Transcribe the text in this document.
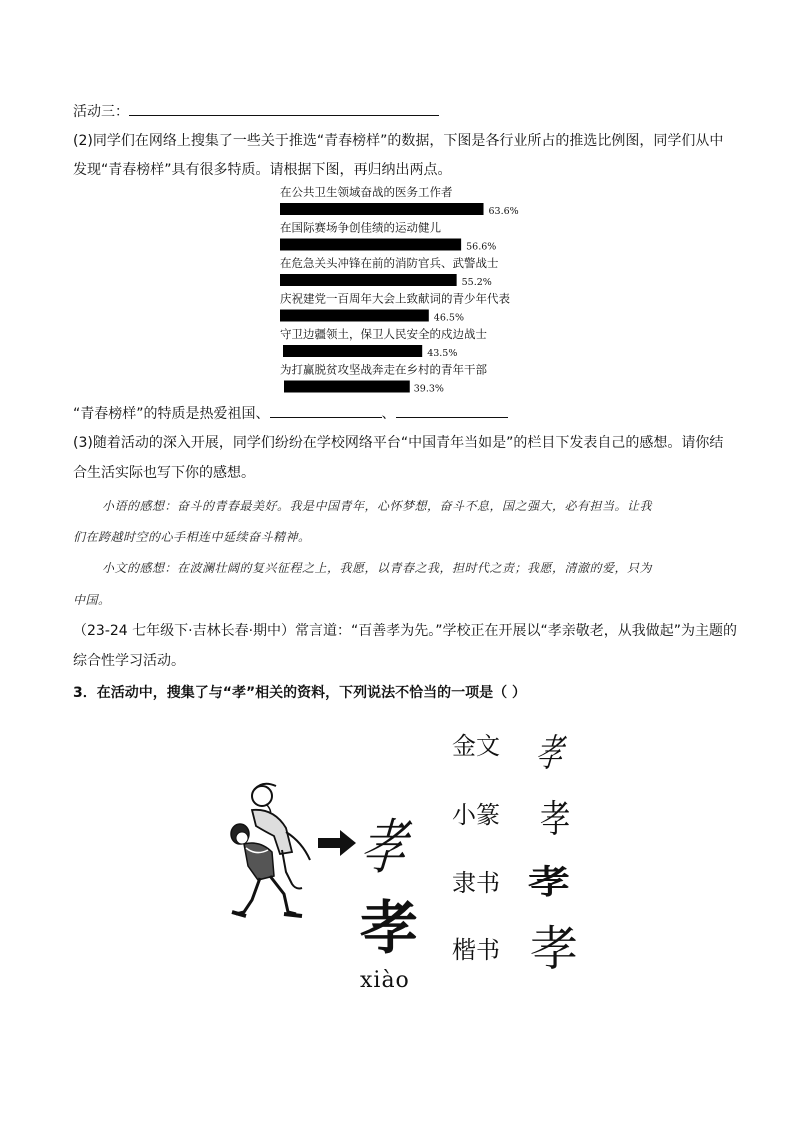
活动三：
(2)同学们在网络上搜集了一些关于推选“青春榜样”的数据，下图是各行业所占的推选比例图，同学们从中
发现“青春榜样”具有很多特质。请根据下图，再归纳出两点。
在公共卫生领域奋战的医务工作者
63.6%
在国际赛场争创佳绩的运动健儿
56.6%
在危急关头冲锋在前的消防官兵、武警战士
55.2%
庆祝建党一百周年大会上致献词的青少年代表
46.5%
守卫边疆领土，保卫人民安全的戍边战士
43.5%
为打赢脱贫攻坚战奔走在乡村的青年干部
39.3%
“青春榜样”的特质是热爱祖国、	、
(3)随着活动的深入开展，同学们纷纷在学校网络平台“中国青年当如是”的栏目下发表自己的感想。请你结
合生活实际也写下你的感想。
小语的感想：奋斗的青春最美好。我是中国青年，心怀梦想，奋斗不息，国之强大，必有担当。让我
们在跨越时空的心手相连中延续奋斗精神。
小文的感想：在波澜壮阔的复兴征程之上，我愿，以青春之我，担时代之责；我愿，清澈的爱，只为
中国。
（23-24 七年级下·吉林长春·期中）常言道：“百善孝为先。”学校正在开展以“孝亲敬老，从我做起”为主题的
综合性学习活动。
3．在活动中，搜集了与“孝”相关的资料，下列说法不恰当的一项是（ ）
孝
孝
xiào
金文
小篆
隶书
楷书
孝
孝
孝
孝
